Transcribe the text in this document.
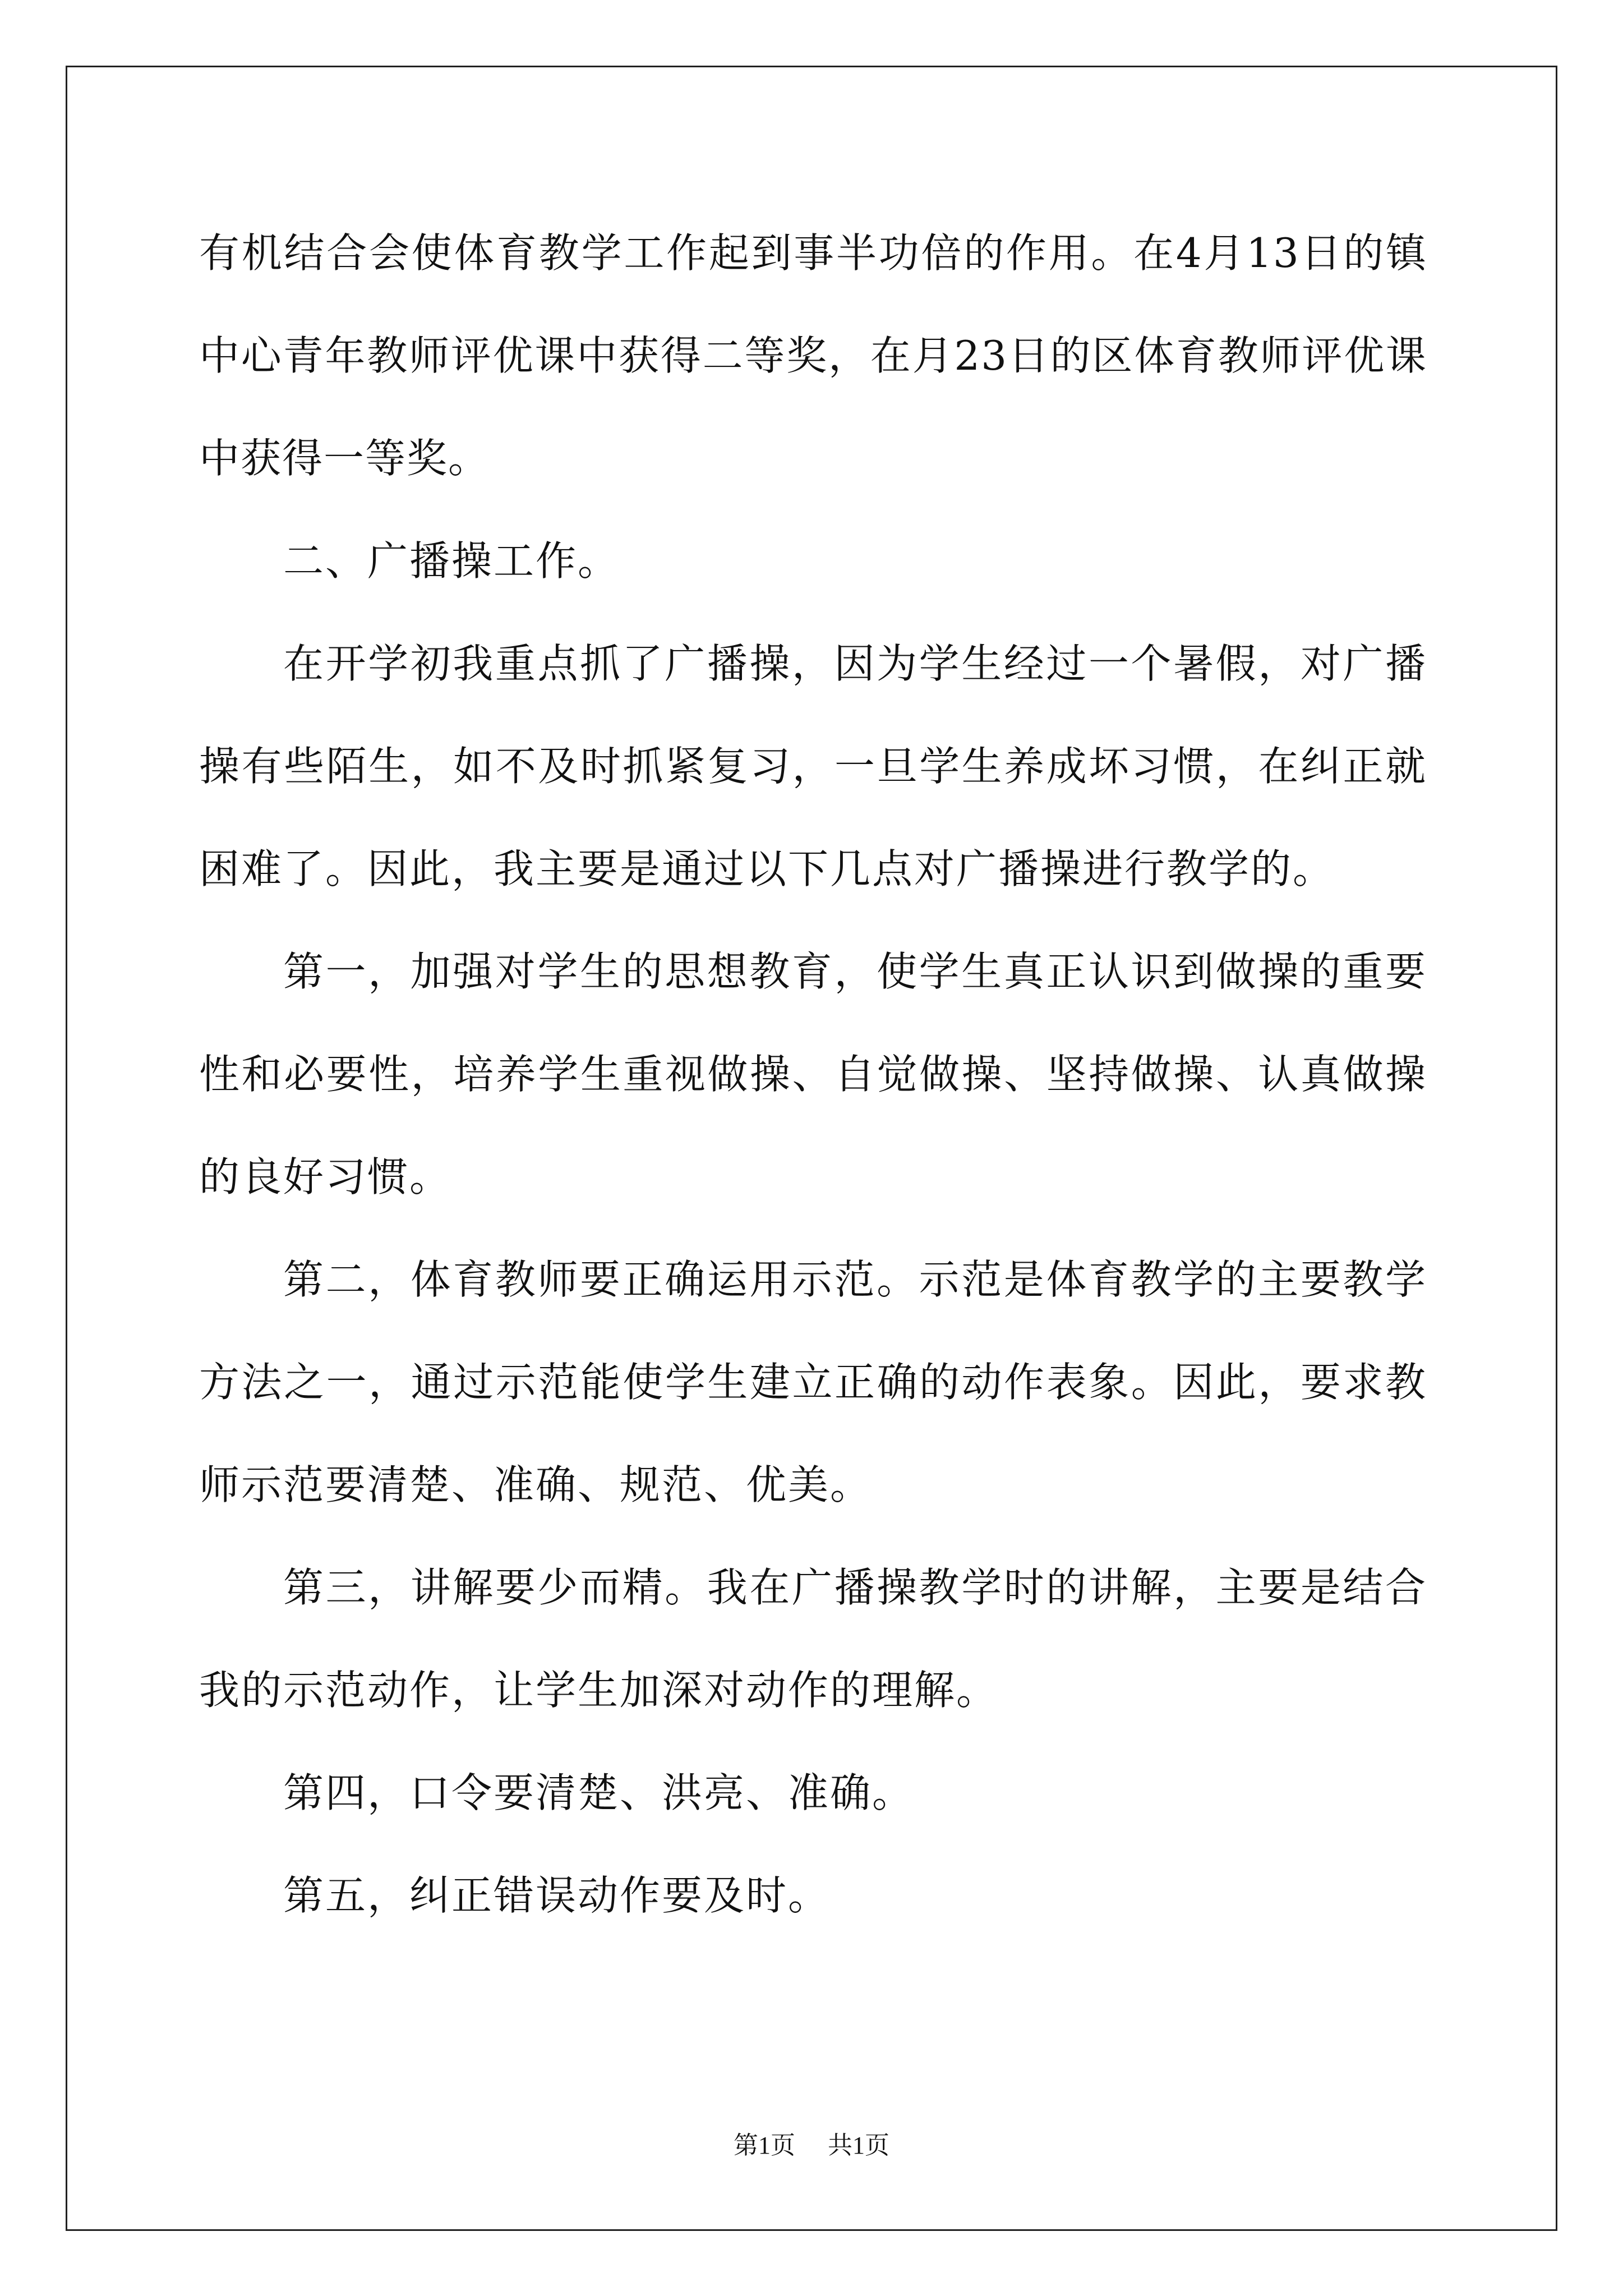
有机结合会使体育教学工作起到事半功倍的作用。在4月13日的镇中心青年教师评优课中获得二等奖，在月23日的区体育教师评优课中获得一等奖。

二、广播操工作。

在开学初我重点抓了广播操，因为学生经过一个暑假，对广播操有些陌生，如不及时抓紧复习，一旦学生养成坏习惯，在纠正就困难了。因此，我主要是通过以下几点对广播操进行教学的。

第一，加强对学生的思想教育，使学生真正认识到做操的重要性和必要性，培养学生重视做操、自觉做操、坚持做操、认真做操的良好习惯。

第二，体育教师要正确运用示范。示范是体育教学的主要教学方法之一，通过示范能使学生建立正确的动作表象。因此，要求教师示范要清楚、准确、规范、优美。

第三，讲解要少而精。我在广播操教学时的讲解，主要是结合我的示范动作，让学生加深对动作的理解。

第四，口令要清楚、洪亮、准确。

第五，纠正错误动作要及时。

第1页 共1页
